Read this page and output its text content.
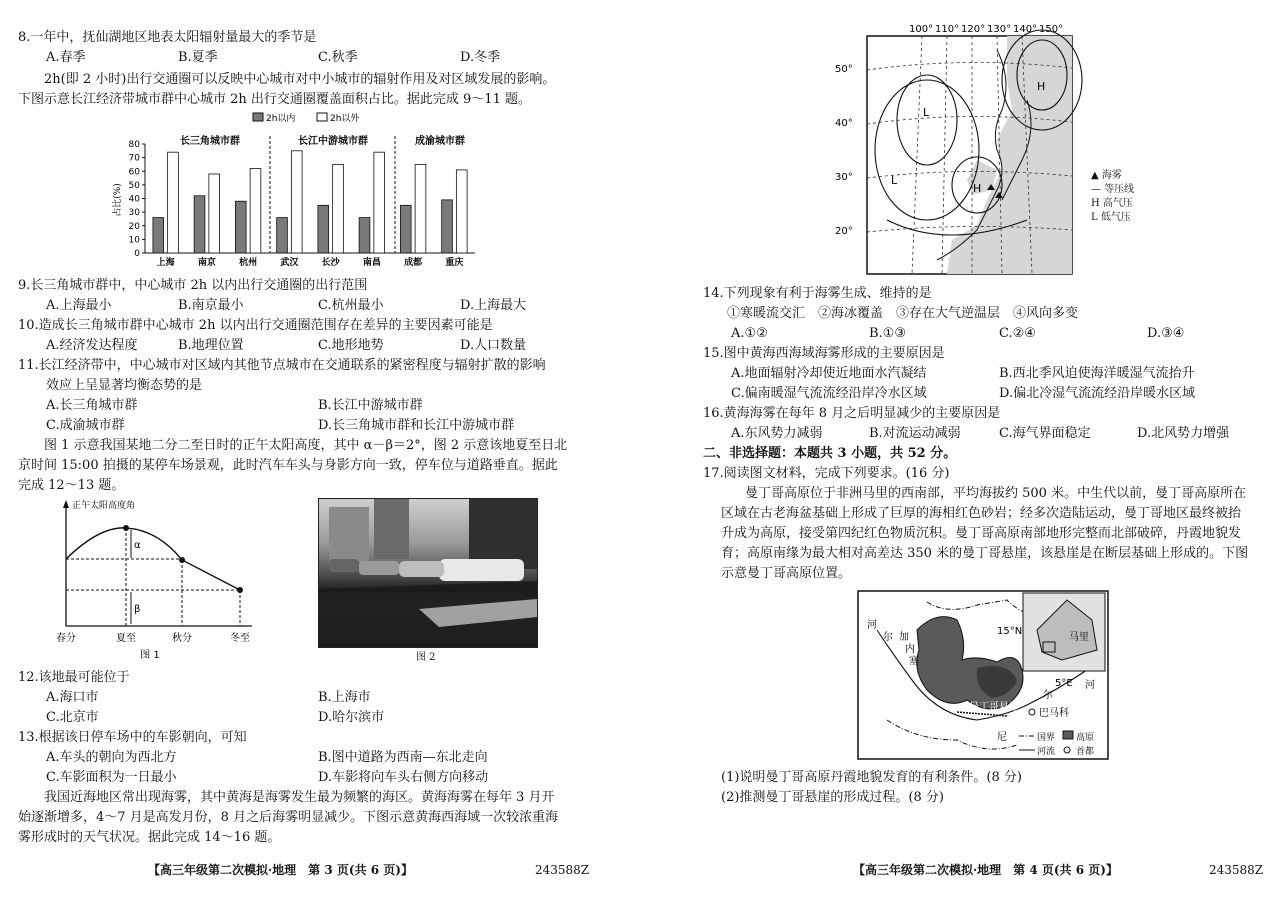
8.一年中，抚仙湖地区地表太阳辐射量最大的季节是
A.春季	B.夏季	C.秋季	D.冬季
2h(即 2 小时)出行交通圈可以反映中心城市对中小城市的辐射作用及对区域发展的影响。
下图示意长江经济带城市群中心城市 2h 出行交通圈覆盖面积占比。据此完成 9～11 题。
2h以内	2h以外
长三角城市群	长江中游城市群	成渝城市群
占比(%)
0
10
20
30
40
50
60
70
80
上海	南京	杭州	武汉	长沙	南昌	成都	重庆
9.长三角城市群中，中心城市 2h 以内出行交通圈的出行范围
A.上海最小	B.南京最小	C.杭州最小	D.上海最大
10.造成长三角城市群中心城市 2h 以内出行交通圈范围存在差异的主要因素可能是
A.经济发达程度	B.地理位置	C.地形地势	D.人口数量
11.长江经济带中，中心城市对区域内其他节点城市在交通联系的紧密程度与辐射扩散的影响
效应上呈显著均衡态势的是
A.长三角城市群	B.长江中游城市群
C.成渝城市群	D.长三角城市群和长江中游城市群
图 1 示意我国某地二分二至日时的正午太阳高度，其中 α－β＝2°，图 2 示意该地夏至日北
京时间 15:00 拍摄的某停车场景观，此时汽车车头与身影方向一致，停车位与道路垂直。据此
完成 12～13 题。
正午太阳高度角
α
β
春分	夏至	秋分	冬至
图 1	图 2
12.该地最可能位于
A.海口市	B.上海市
C.北京市	D.哈尔滨市
13.根据该日停车场中的车影朝向，可知
A.车头的朝向为西北方	B.图中道路为西南—东北走向
C.车影面积为一日最小	D.车影将向车头右侧方向移动
我国近海地区常出现海雾，其中黄海是海雾发生最为频繁的海区。黄海海雾在每年 3 月开
始逐渐增多，4～7 月是高发月份，8 月之后海雾明显减少。下图示意黄海西海域一次较浓重海
雾形成时的天气状况。据此完成 14～16 题。
【高三年级第二次模拟·地理　第 3 页(共 6 页)】	243588Z
100° 110° 120° 130° 140° 150°
50°
40°
30°
20°
H
H
L
L	▲ 海雾
— 等压线
H 高气压
L 低气压
14.下列现象有利于海雾生成、维持的是
①寒暖流交汇　②海冰覆盖　③存在大气逆温层　④风向多变
A.①②	B.①③	C.②④	D.③④
15.图中黄海西海域海雾形成的主要原因是
A.地面辐射冷却使近地面水汽凝结	B.西北季风迫使海洋暖湿气流抬升
C.偏南暖湿气流流经沿岸冷水区域	D.偏北冷湿气流流经沿岸暖水区域
16.黄海海雾在每年 8 月之后明显减少的主要原因是
A.东风势力减弱	B.对流运动减弱	C.海气界面稳定	D.北风势力增强
二、非选择题：本题共 3 小题，共 52 分。
17.阅读图文材料，完成下列要求。(16 分)
曼丁哥高原位于非洲马里的西南部，平均海拔约 500 米。中生代以前，曼丁哥高原所在
区域在古老海盆基础上形成了巨厚的海相红色砂岩；经多次造陆运动，曼丁哥地区最终被抬
升成为高原，接受第四纪红色物质沉积。曼丁哥高原南部地形完整而北部破碎，丹霞地貌发
育；高原南缘为最大相对高差达 350 米的曼丁哥悬崖，该悬崖是在断层基础上形成的。下图
示意曼丁哥高原位置。
河
尔 加
内
塞
15°N
5°E
马里
曼丁哥悬崖
巴马科
河
尔
尼	国界 高原
河流 首都
(1)说明曼丁哥高原丹霞地貌发育的有利条件。(8 分)
(2)推测曼丁哥悬崖的形成过程。(8 分)
【高三年级第二次模拟·地理　第 4 页(共 6 页)】	243588Z
